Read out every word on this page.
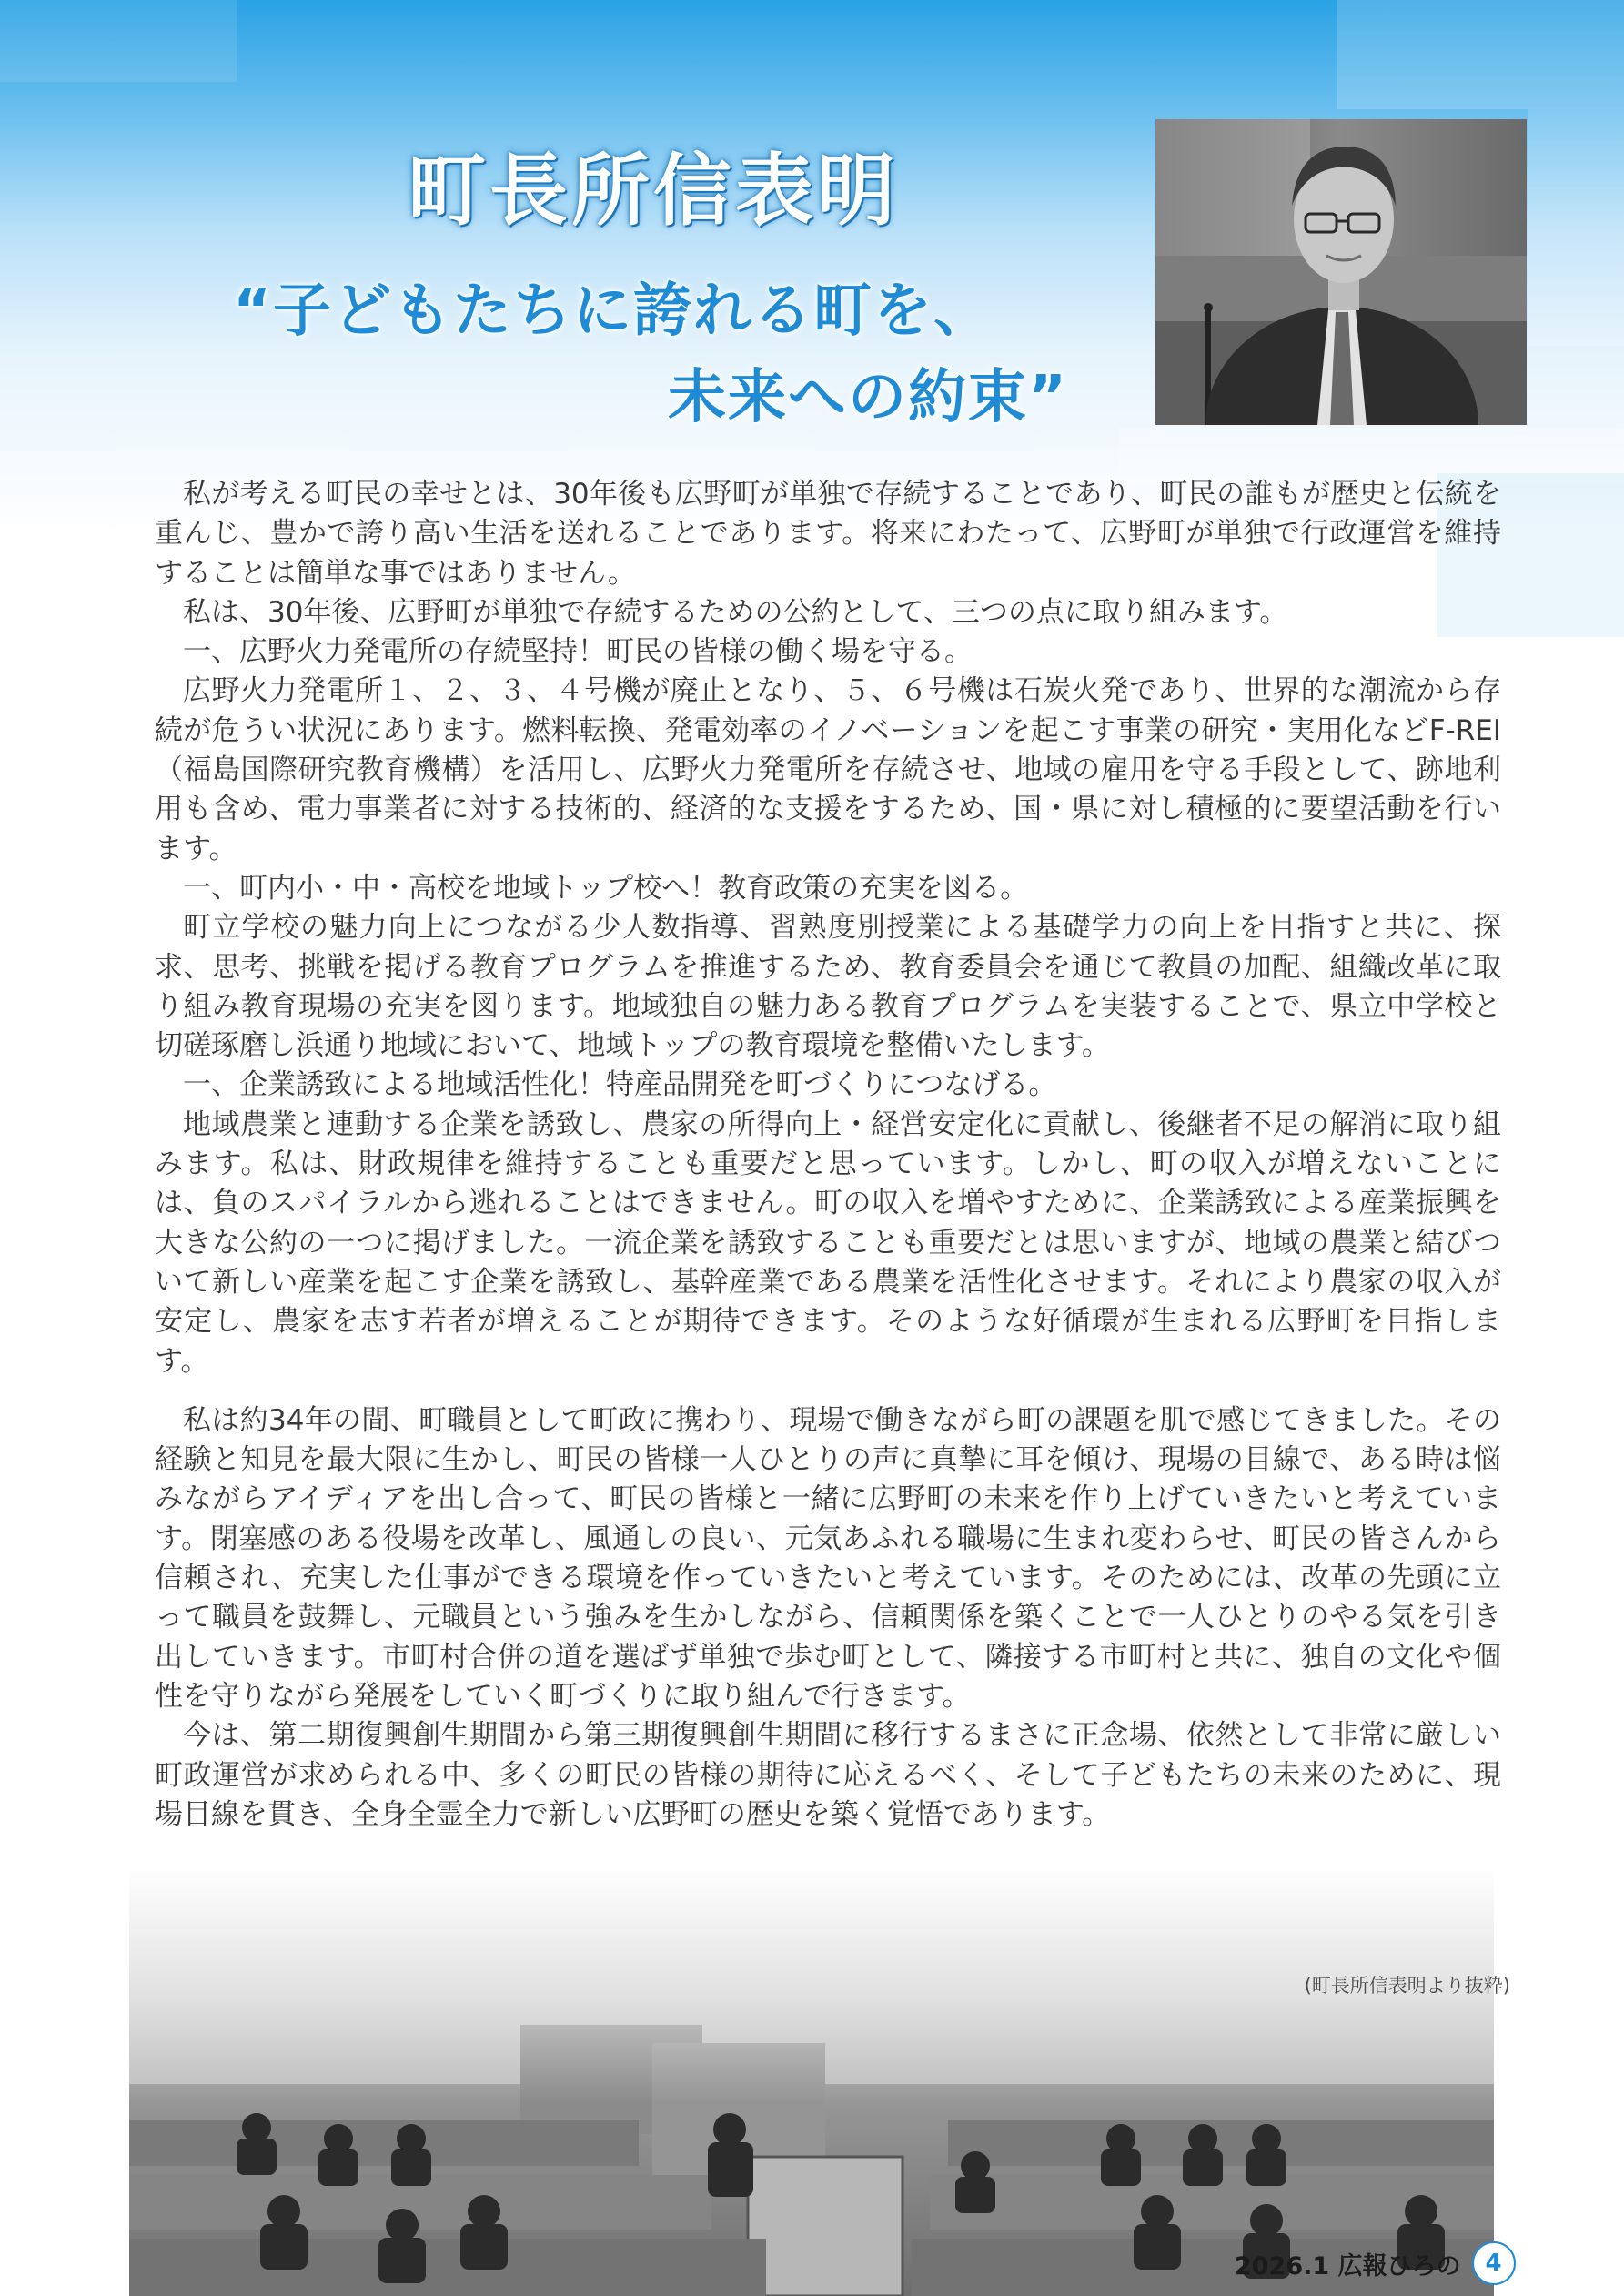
町長所信表明
“子どもたちに誇れる町を、
未来への約束”

私が考える町民の幸せとは、30年後も広野町が単独で存続することであり、町民の誰もが歴史と伝統を重んじ、豊かで誇り高い生活を送れることであります。将来にわたって、広野町が単独で行政運営を維持することは簡単な事ではありません。

私は、30年後、広野町が単独で存続するための公約として、三つの点に取り組みます。

一、広野火力発電所の存続堅持！町民の皆様の働く場を守る。

広野火力発電所１、２、３、４号機が廃止となり、５、６号機は石炭火発であり、世界的な潮流から存続が危うい状況にあります。燃料転換、発電効率のイノベーションを起こす事業の研究・実用化などF-REI（福島国際研究教育機構）を活用し、広野火力発電所を存続させ、地域の雇用を守る手段として、跡地利用も含め、電力事業者に対する技術的、経済的な支援をするため、国・県に対し積極的に要望活動を行います。

一、町内小・中・高校を地域トップ校へ！教育政策の充実を図る。

町立学校の魅力向上につながる少人数指導、習熟度別授業による基礎学力の向上を目指すと共に、探求、思考、挑戦を掲げる教育プログラムを推進するため、教育委員会を通じて教員の加配、組織改革に取り組み教育現場の充実を図ります。地域独自の魅力ある教育プログラムを実装することで、県立中学校と切磋琢磨し浜通り地域において、地域トップの教育環境を整備いたします。

一、企業誘致による地域活性化！特産品開発を町づくりにつなげる。

地域農業と連動する企業を誘致し、農家の所得向上・経営安定化に貢献し、後継者不足の解消に取り組みます。私は、財政規律を維持することも重要だと思っています。しかし、町の収入が増えないことには、負のスパイラルから逃れることはできません。町の収入を増やすために、企業誘致による産業振興を大きな公約の一つに掲げました。一流企業を誘致することも重要だとは思いますが、地域の農業と結びついて新しい産業を起こす企業を誘致し、基幹産業である農業を活性化させます。それにより農家の収入が安定し、農家を志す若者が増えることが期待できます。そのような好循環が生まれる広野町を目指します。

私は約34年の間、町職員として町政に携わり、現場で働きながら町の課題を肌で感じてきました。その経験と知見を最大限に生かし、町民の皆様一人ひとりの声に真摯に耳を傾け、現場の目線で、ある時は悩みながらアイディアを出し合って、町民の皆様と一緒に広野町の未来を作り上げていきたいと考えています。閉塞感のある役場を改革し、風通しの良い、元気あふれる職場に生まれ変わらせ、町民の皆さんから信頼され、充実した仕事ができる環境を作っていきたいと考えています。そのためには、改革の先頭に立って職員を鼓舞し、元職員という強みを生かしながら、信頼関係を築くことで一人ひとりのやる気を引き出していきます。市町村合併の道を選ばず単独で歩む町として、隣接する市町村と共に、独自の文化や個性を守りながら発展をしていく町づくりに取り組んで行きます。

今は、第二期復興創生期間から第三期復興創生期間に移行するまさに正念場、依然として非常に厳しい町政運営が求められる中、多くの町民の皆様の期待に応えるべく、そして子どもたちの未来のために、現場目線を貫き、全身全霊全力で新しい広野町の歴史を築く覚悟であります。

(町長所信表明より抜粋)

2026.1 広報ひろの	4
